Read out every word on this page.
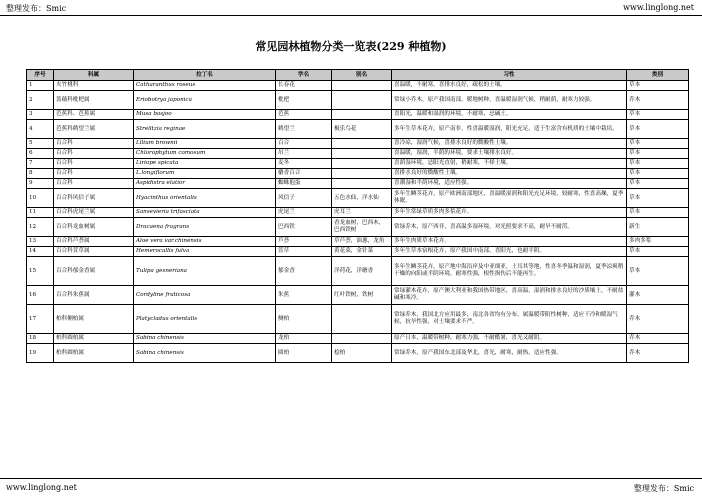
整理发布：Smic	www.linglong.net
常见园林植物分类一览表(229 种植物)
序号	科属	拉丁名	学名	别名	习性	类别
1	夹竹桃科	Catharanthus roseus	长春花		喜温暖，不耐寒，喜排水良好，疏松的土壤。	草本
2	蔷薇科枇杷属	Eriobotrya japonica	枇杷		常绿小乔木，原产我国南部，暖地树种，喜温暖湿润气候，稍耐荫，耐寒力较强。	乔木
3	芭蕉科、芭蕉属	Musa basjoo	芭蕉		喜阳光，温暖和湿润的环境，不耐寒，忌碱土。	草本
4	芭蕉科鹤望兰属	Strelitzia reginae	鹤望兰	极乐鸟花	多年生草本花卉，原产南非，性喜温暖湿润，阳光充足，适于生富含有机质的土壤中栽培。	草本
5	百合科	Lilium brownii	百合		喜冷凉，湿润气候，喜排水良好的微酸性土壤。	草本
6	百合科	Chlorophytum comosum	吊兰		喜温暖，湿润，半荫的环境，要求土壤排水良好。	草本
7	百合科	Liriope spicata	麦冬		喜荫湿环境，忌阳光直射，稍耐寒，不择土壤。	草本
8	百合科	L.longiflorum	麝香百合		喜排水良好的微酸性土壤。	草本
9	百合科	Aspidistra elatior	蜘蛛抱蛋		喜潮湿和半荫环境，适应性强。	草本
10	百合科风信子属	Hyacinthus orientalis	风信子	五色水仙，洋水仙	多年生鳞茎花卉，原产欧洲南部地区，喜温暖湿润和阳光充足环境，较耐寒，性喜高燥，夏季休眠。	草本
11	百合科虎尾兰属	Sansevieria trifasciata	虎尾兰	虎耳兰	多年生常绿草质多肉多浆花卉。	草本
12	百合科龙血树属	Dracaena fragrans	巴西铁	香龙血树，巴西木，巴西铁树	常绿乔木，原产西非，喜高温多湿环境，对光照要求不高，耐旱不耐涝。	新生
13	百合科芦荟属	Aloe vera var.chinensis	芦荟	草芦荟，油葱，龙角	多年生肉质草本花卉。	多肉多浆
14	百合科萱草属	Hemerocallis fulva	萱草	黄花菜，金针菜	多年生草本宿根花卉，原产我国中南部，喜阳光，也耐半阴。	草本
15	百合科郁金香属	Tulipa gesneriana	郁金香	洋荷花，洋蘑香	多年生鳞茎花卉，原产地中海沿岸及中亚细亚，土耳其等地，性喜冬季温和湿润，夏季凉爽稍干燥的向阳或半阴环境，耐寒性强，根性损伤后不能再生。	草本
16	百合科朱蕉属	Cordyline fruticosa	朱蕉	红叶铁树，铁树	常绿灌木花卉，原产澳大利亚和我国热带地区，喜高温，湿润和排水良好的沙质壤土，不耐盐碱和寒冷。	灌木
17	柏科侧柏属	Platycladus orientalis	侧柏		常绿乔木，我国北方应用最多，南北各省均有分布，属温暖带阳性树种，适应干冷和暖湿气候，抗旱性强，对土壤要求不严。	乔木
18	柏科圆柏属	Sabina chinensis	龙柏		原产日本，温暖带树种，耐寒力强，不耐酷暑，喜光又耐阴。	乔木
19	柏科圆柏属	Sabina chinensis	圆柏	桧柏	常绿乔木，原产我国东北部及华北，喜光，耐寒，耐热，适应性强。	乔木
www.linglong.net	整理发布：Smic
